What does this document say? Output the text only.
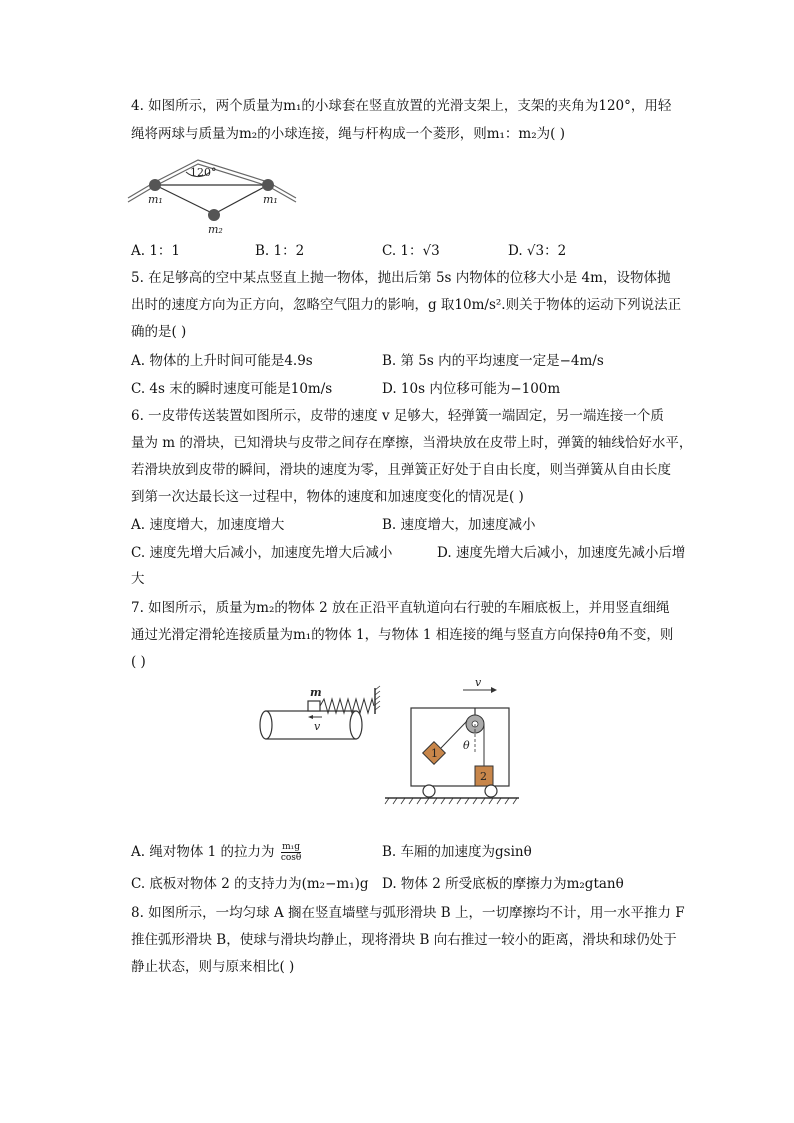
4. 如图所示，两个质量为m₁的小球套在竖直放置的光滑支架上，支架的夹角为120°，用轻
绳将两球与质量为m₂的小球连接，绳与杆构成一个菱形，则m₁：m₂为( )
120°
m₁	m₁
m₂
A. 1：1	B. 1：2	C. 1：√3	D. √3：2
5. 在足够高的空中某点竖直上抛一物体，抛出后第 5s 内物体的位移大小是 4m，设物体抛
出时的速度方向为正方向，忽略空气阻力的影响，g 取10m/s².则关于物体的运动下列说法正
确的是( )
A. 物体的上升时间可能是4.9s	B. 第 5s 内的平均速度一定是−4m/s
C. 4s 末的瞬时速度可能是10m/s	D. 10s 内位移可能为−100m
6. 一皮带传送装置如图所示，皮带的速度 v 足够大，轻弹簧一端固定，另一端连接一个质
量为 m 的滑块，已知滑块与皮带之间存在摩擦，当滑块放在皮带上时，弹簧的轴线恰好水平，
若滑块放到皮带的瞬间，滑块的速度为零，且弹簧正好处于自由长度，则当弹簧从自由长度
到第一次达最长这一过程中，物体的速度和加速度变化的情况是( )
A. 速度增大，加速度增大	B. 速度增大，加速度减小
C. 速度先增大后减小，加速度先增大后减小	D. 速度先增大后减小，加速度先减小后增
大
7. 如图所示，质量为m₂的物体 2 放在正沿平直轨道向右行驶的车厢底板上，并用竖直细绳
通过光滑定滑轮连接质量为m₁的物体 1，与物体 1 相连接的绳与竖直方向保持θ角不变，则
( )
m
v
v
θ
1
2
A. 绳对物体 1 的拉力为 $\frac{\text{m₁g}}{\cos\theta}$	B. 车厢的加速度为gsinθ
C. 底板对物体 2 的支持力为(m₂−m₁)g D. 物体 2 所受底板的摩擦力为m₂gtanθ
8. 如图所示，一均匀球 A 搁在竖直墙壁与弧形滑块 B 上，一切摩擦均不计，用一水平推力 F
推住弧形滑块 B，使球与滑块均静止，现将滑块 B 向右推过一较小的距离，滑块和球仍处于
静止状态，则与原来相比( )
